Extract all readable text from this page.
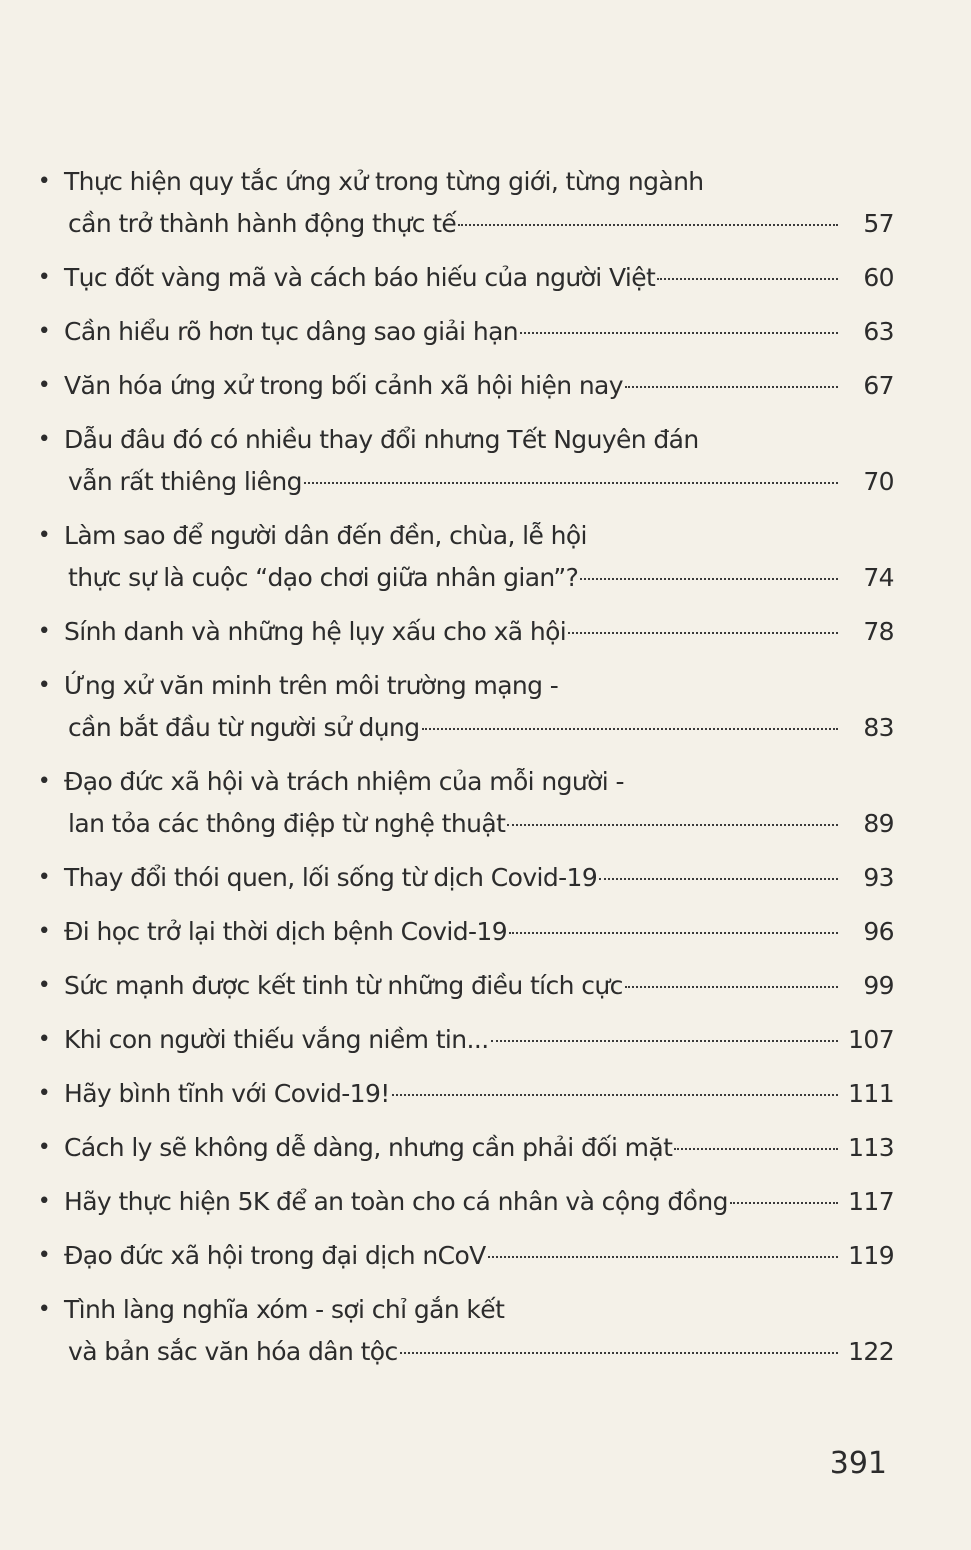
• Thực hiện quy tắc ứng xử trong từng giới, từng ngành
cần trở thành hành động thực tế	57
• Tục đốt vàng mã và cách báo hiếu của người Việt	60
• Cần hiểu rõ hơn tục dâng sao giải hạn	63
• Văn hóa ứng xử trong bối cảnh xã hội hiện nay	67
• Dẫu đâu đó có nhiều thay đổi nhưng Tết Nguyên đán
vẫn rất thiêng liêng	70
• Làm sao để người dân đến đền, chùa, lễ hội
thực sự là cuộc “dạo chơi giữa nhân gian”?	74
• Sính danh và những hệ lụy xấu cho xã hội	78
• Ứng xử văn minh trên môi trường mạng -
cần bắt đầu từ người sử dụng	83
• Đạo đức xã hội và trách nhiệm của mỗi người -
lan tỏa các thông điệp từ nghệ thuật	89
• Thay đổi thói quen, lối sống từ dịch Covid-19	93
• Đi học trở lại thời dịch bệnh Covid-19	96
• Sức mạnh được kết tinh từ những điều tích cực	99
• Khi con người thiếu vắng niềm tin...	107
• Hãy bình tĩnh với Covid-19!	111
• Cách ly sẽ không dễ dàng, nhưng cần phải đối mặt	113
• Hãy thực hiện 5K để an toàn cho cá nhân và cộng đồng	117
• Đạo đức xã hội trong đại dịch nCoV	119
• Tình làng nghĩa xóm - sợi chỉ gắn kết
và bản sắc văn hóa dân tộc	122
391
